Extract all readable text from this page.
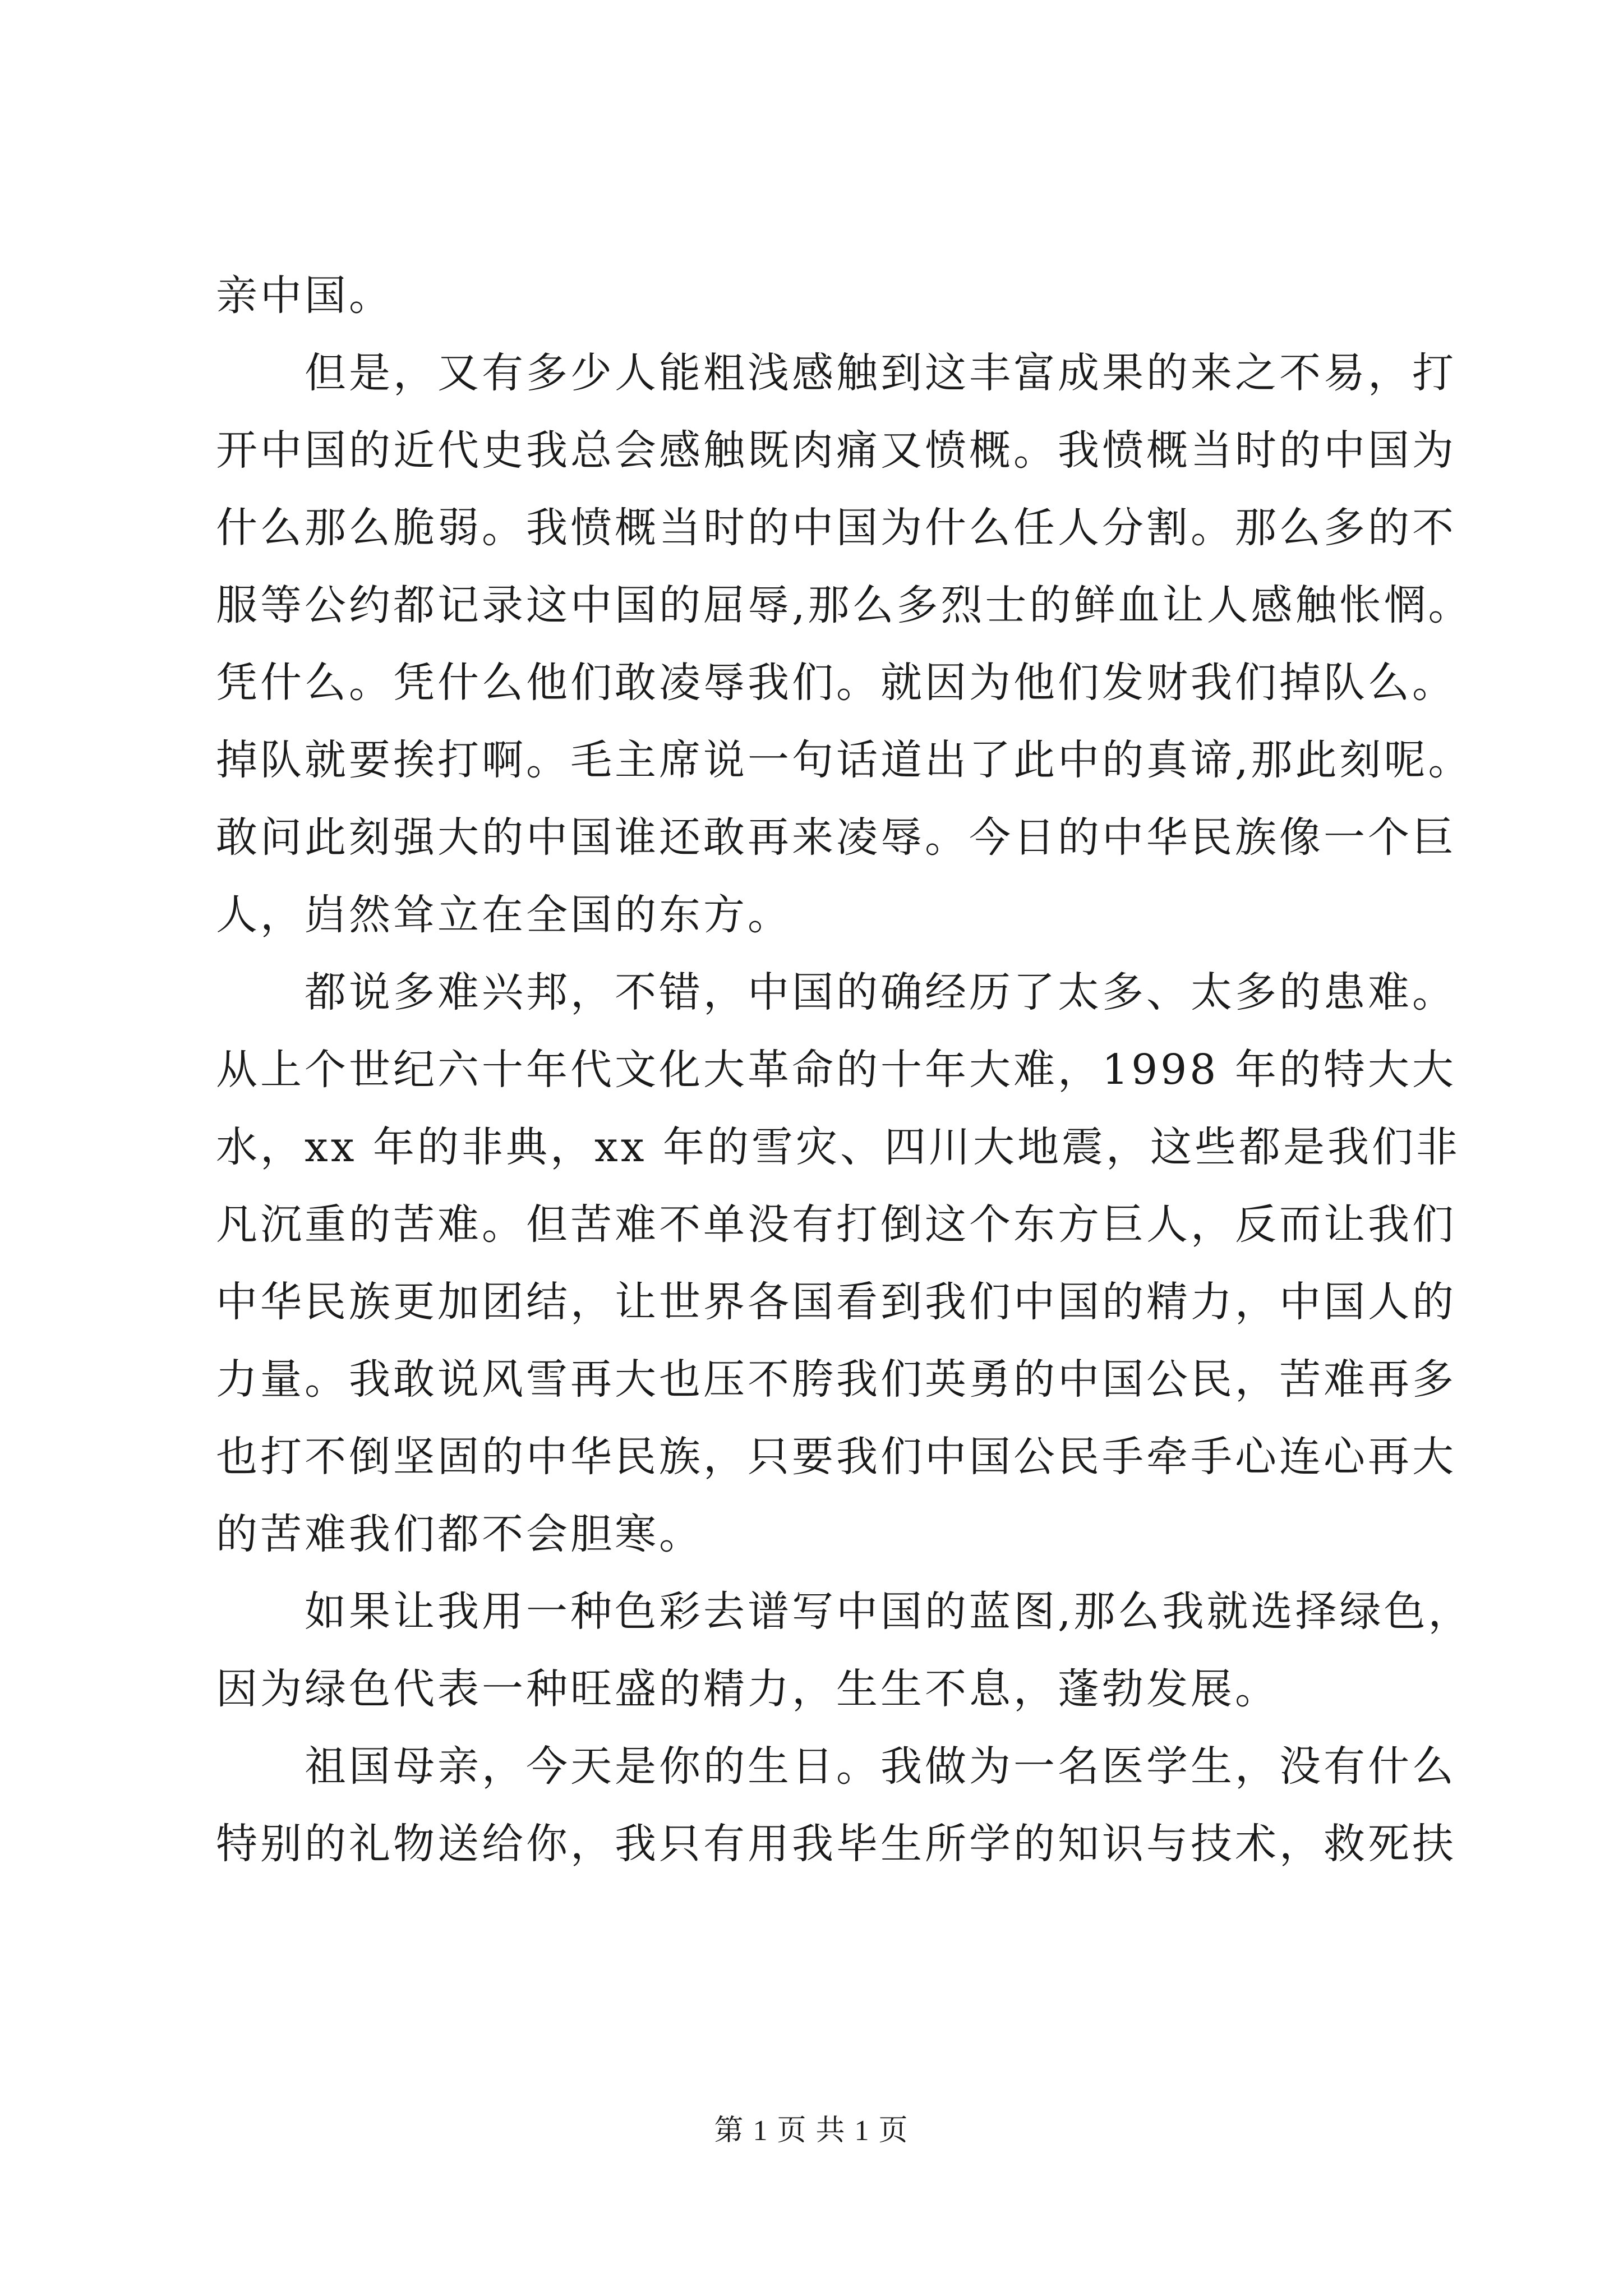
亲中国。
但是，又有多少人能粗浅感触到这丰富成果的来之不易，打
开中国的近代史我总会感触既肉痛又愤概。我愤概当时的中国为
什么那么脆弱。我愤概当时的中国为什么任人分割。那么多的不
服等公约都记录这中国的屈辱,那么多烈士的鲜血让人感触怅惘。
凭什么。凭什么他们敢凌辱我们。就因为他们发财我们掉队么。
掉队就要挨打啊。毛主席说一句话道出了此中的真谛,那此刻呢。
敢问此刻强大的中国谁还敢再来凌辱。今日的中华民族像一个巨
人，岿然耸立在全国的东方。
都说多难兴邦，不错，中国的确经历了太多、太多的患难。
从上个世纪六十年代文化大革命的十年大难，1998 年的特大大
水，xx 年的非典，xx 年的雪灾、四川大地震，这些都是我们非
凡沉重的苦难。但苦难不单没有打倒这个东方巨人，反而让我们
中华民族更加团结，让世界各国看到我们中国的精力，中国人的
力量。我敢说风雪再大也压不胯我们英勇的中国公民，苦难再多
也打不倒坚固的中华民族，只要我们中国公民手牵手心连心再大
的苦难我们都不会胆寒。
如果让我用一种色彩去谱写中国的蓝图,那么我就选择绿色，
因为绿色代表一种旺盛的精力，生生不息，蓬勃发展。
祖国母亲，今天是你的生日。我做为一名医学生，没有什么
特别的礼物送给你，我只有用我毕生所学的知识与技术，救死扶
第 1 页 共 1 页
